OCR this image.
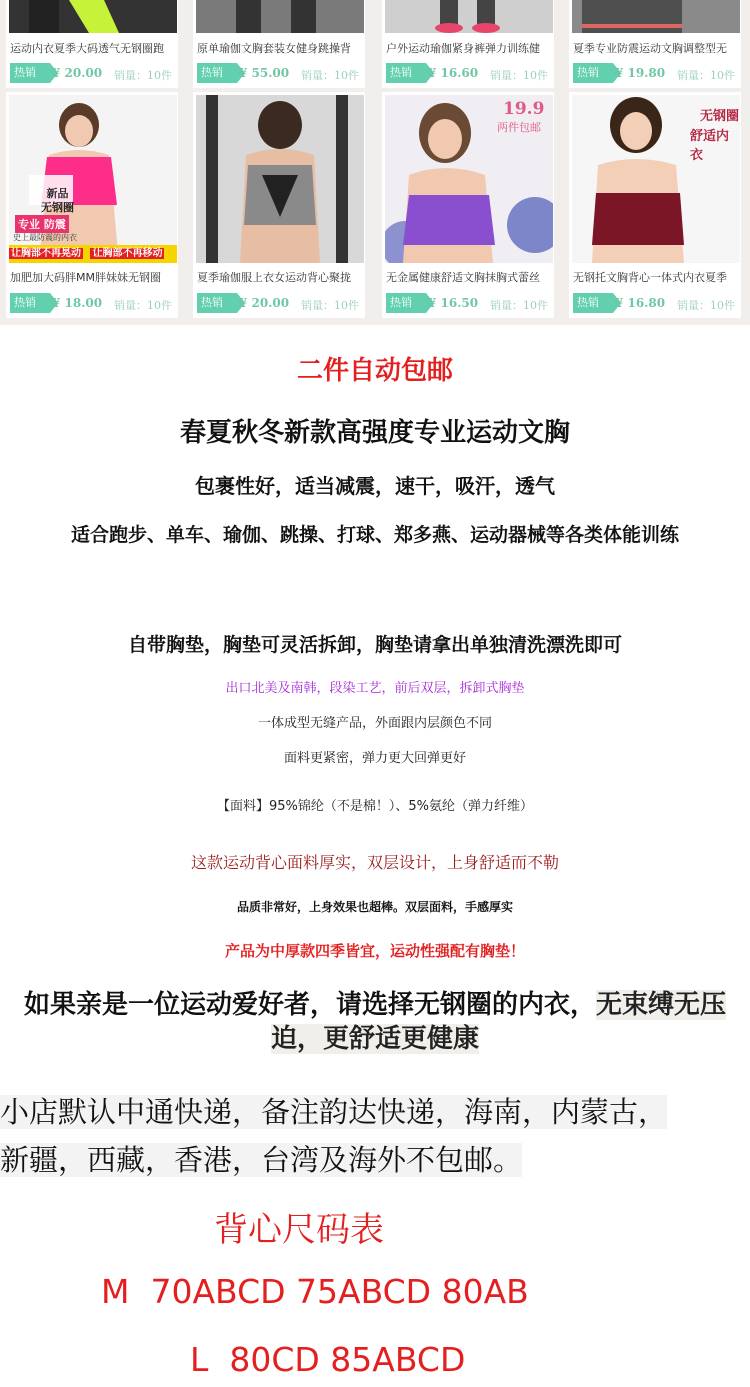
运动内衣夏季大码透气无钢圈跑
热销	¥ 20.00 销量：10件
原单瑜伽文胸套装女健身跳操背
热销	¥ 55.00 销量：10件
户外运动瑜伽紧身裤弹力训练健
热销	¥ 16.60 销量：10件
夏季专业防震运动文胸调整型无
热销	¥ 19.80 销量：10件
新品
无钢圈
专业 防震
史上最防震的内衣
让胸部不再晃动 让胸部不再移动
加肥加大码胖MM胖妹妹无钢圈
热销	¥ 18.00 销量：10件
夏季瑜伽服上衣女运动背心聚拢
热销	¥ 20.00 销量：10件
19.9
两件包邮
无金属健康舒适文胸抹胸式蕾丝
热销	¥ 16.50 销量：10件
无钢圈
舒适内衣
无钢托文胸背心一体式内衣夏季
热销	¥ 16.80 销量：10件
二件自动包邮
春夏秋冬新款高强度专业运动文胸
包裹性好，适当减震，速干，吸汗，透气
适合跑步、单车、瑜伽、跳操、打球、郑多燕、运动器械等各类体能训练
自带胸垫，胸垫可灵活拆卸，胸垫请拿出单独清洗漂洗即可
出口北美及南韩，段染工艺，前后双层，拆卸式胸垫
一体成型无缝产品，外面跟内层颜色不同
面料更紧密，弹力更大回弹更好
【面料】95%锦纶（不是棉！）、5%氨纶（弹力纤维）
这款运动背心面料厚实，双层设计，上身舒适而不勒
品质非常好，上身效果也超棒。双层面料，手感厚实
产品为中厚款四季皆宜，运动性强配有胸垫！
如果亲是一位运动爱好者，请选择无钢圈的内衣，无束缚无压迫，更舒适更健康
小店默认中通快递，备注韵达快递，海南，内蒙古，
新疆，西藏，香港，台湾及海外不包邮。
背心尺码表
M  70ABCD 75ABCD 80AB
L  80CD 85ABCD
